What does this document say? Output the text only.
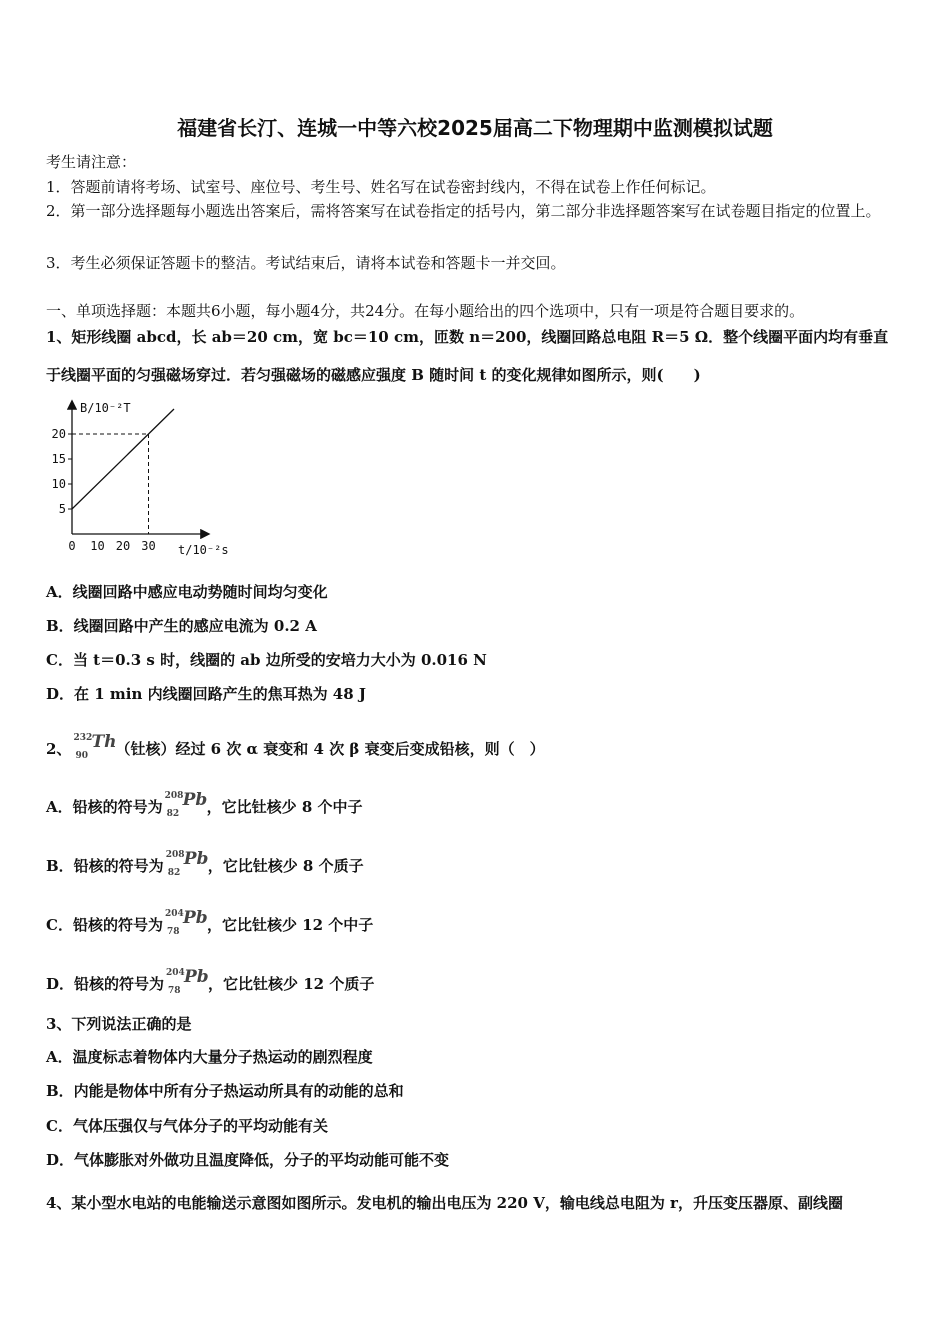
福建省长汀、连城一中等六校2025届高二下物理期中监测模拟试题
考生请注意：
1．答题前请将考场、试室号、座位号、考生号、姓名写在试卷密封线内，不得在试卷上作任何标记。
2．第一部分选择题每小题选出答案后，需将答案写在试卷指定的括号内，第二部分非选择题答案写在试卷题目指定的位置上。
3．考生必须保证答题卡的整洁。考试结束后，请将本试卷和答题卡一并交回。
一、单项选择题：本题共6小题，每小题4分，共24分。在每小题给出的四个选项中，只有一项是符合题目要求的。
1、矩形线圈 abcd，长 ab＝20 cm，宽 bc＝10 cm，匝数 n＝200，线圈回路总电阻 R＝5 Ω．整个线圈平面内均有垂直
于线圈平面的匀强磁场穿过．若匀强磁场的磁感应强度 B 随时间 t 的变化规律如图所示，则(　　)
B/10⁻²T
t/10⁻²s
5
10
15
20
0 10 20 30
A．线圈回路中感应电动势随时间均匀变化
B．线圈回路中产生的感应电流为 0.2 A
C．当 t＝0.3 s 时，线圈的 ab 边所受的安培力大小为 0.016 N
D．在 1 min 内线圈回路产生的焦耳热为 48 J
2、
232
90
Th
（钍核）经过 6 次 α 衰变和 4 次 β 衰变后变成铅核，则（　）
A．铅核的符号为
208
82
Pb ，它比钍核少 8 个中子
B．铅核的符号为
208
82
Pb ，它比钍核少 8 个质子
C．铅核的符号为
204
78
Pb ，它比钍核少 12 个中子
D．铅核的符号为
204
78
Pb ，它比钍核少 12 个质子
3、下列说法正确的是
A．温度标志着物体内大量分子热运动的剧烈程度
B．内能是物体中所有分子热运动所具有的动能的总和
C．气体压强仅与气体分子的平均动能有关
D．气体膨胀对外做功且温度降低，分子的平均动能可能不变
4、某小型水电站的电能输送示意图如图所示。发电机的输出电压为 220 V，输电线总电阻为 r，升压变压器原、副线圈
